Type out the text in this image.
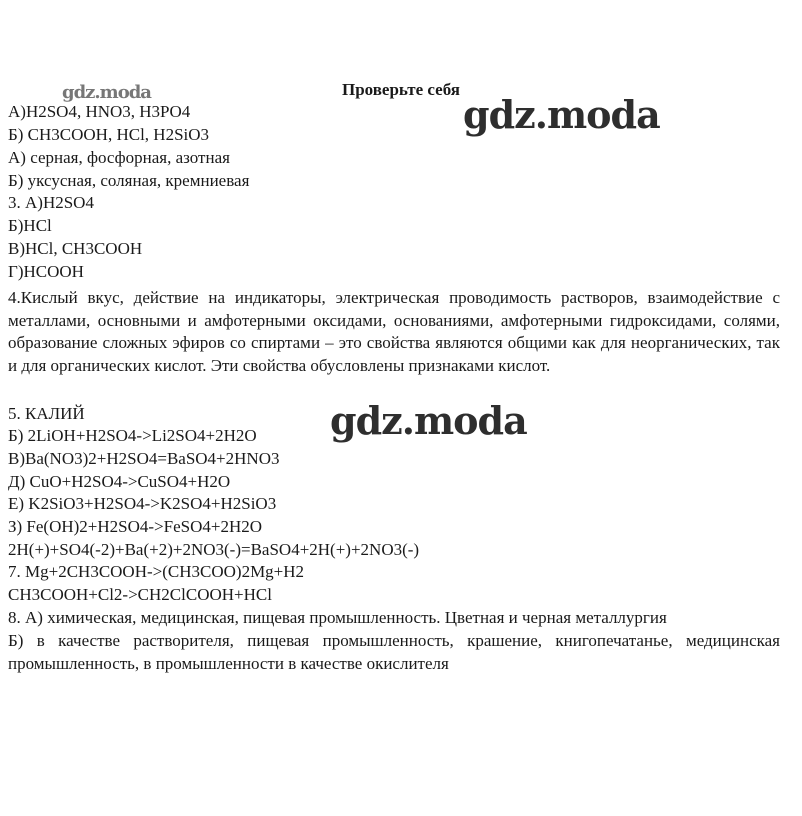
gdz.moda	Проверьте себя
gdz.moda
А)H2SO4, HNO3, H3PO4
Б) CH3COOH, HCl, H2SiO3
А) серная, фосфорная, азотная
Б) уксусная, соляная, кремниевая
3. А)H2SO4
Б)HCl
В)HCl, CH3COOH
Г)HCOOH
4.Кислый вкус, действие на индикаторы, электрическая проводимость растворов, взаимодействие с металлами, основными и амфотерными оксидами, основаниями, амфотерными гидроксидами, солями, образование сложных эфиров со спиртами – это свойства являются общими как для неорганических, так и для органических кислот. Эти свойства обусловлены признаками кислот.
gdz.moda
5. КАЛИЙ
Б) 2LiOH+H2SO4->Li2SO4+2H2O
В)Ba(NO3)2+H2SO4=BaSO4+2HNO3
Д) CuO+H2SO4->CuSO4+H2O
Е) K2SiO3+H2SO4->K2SO4+H2SiO3
З) Fe(OH)2+H2SO4->FeSO4+2H2O
2H(+)+SO4(-2)+Ba(+2)+2NO3(-)=BaSO4+2H(+)+2NO3(-)
7. Mg+2CH3COOH->(CH3COO)2Mg+H2
CH3COOH+Cl2->CH2ClCOOH+HCl
8. А) химическая, медицинская, пищевая промышленность. Цветная и черная металлургия
Б) в качестве растворителя, пищевая промышленность, крашение, книгопечатанье, медицинская промышленность, в промышленности в качестве окислителя
